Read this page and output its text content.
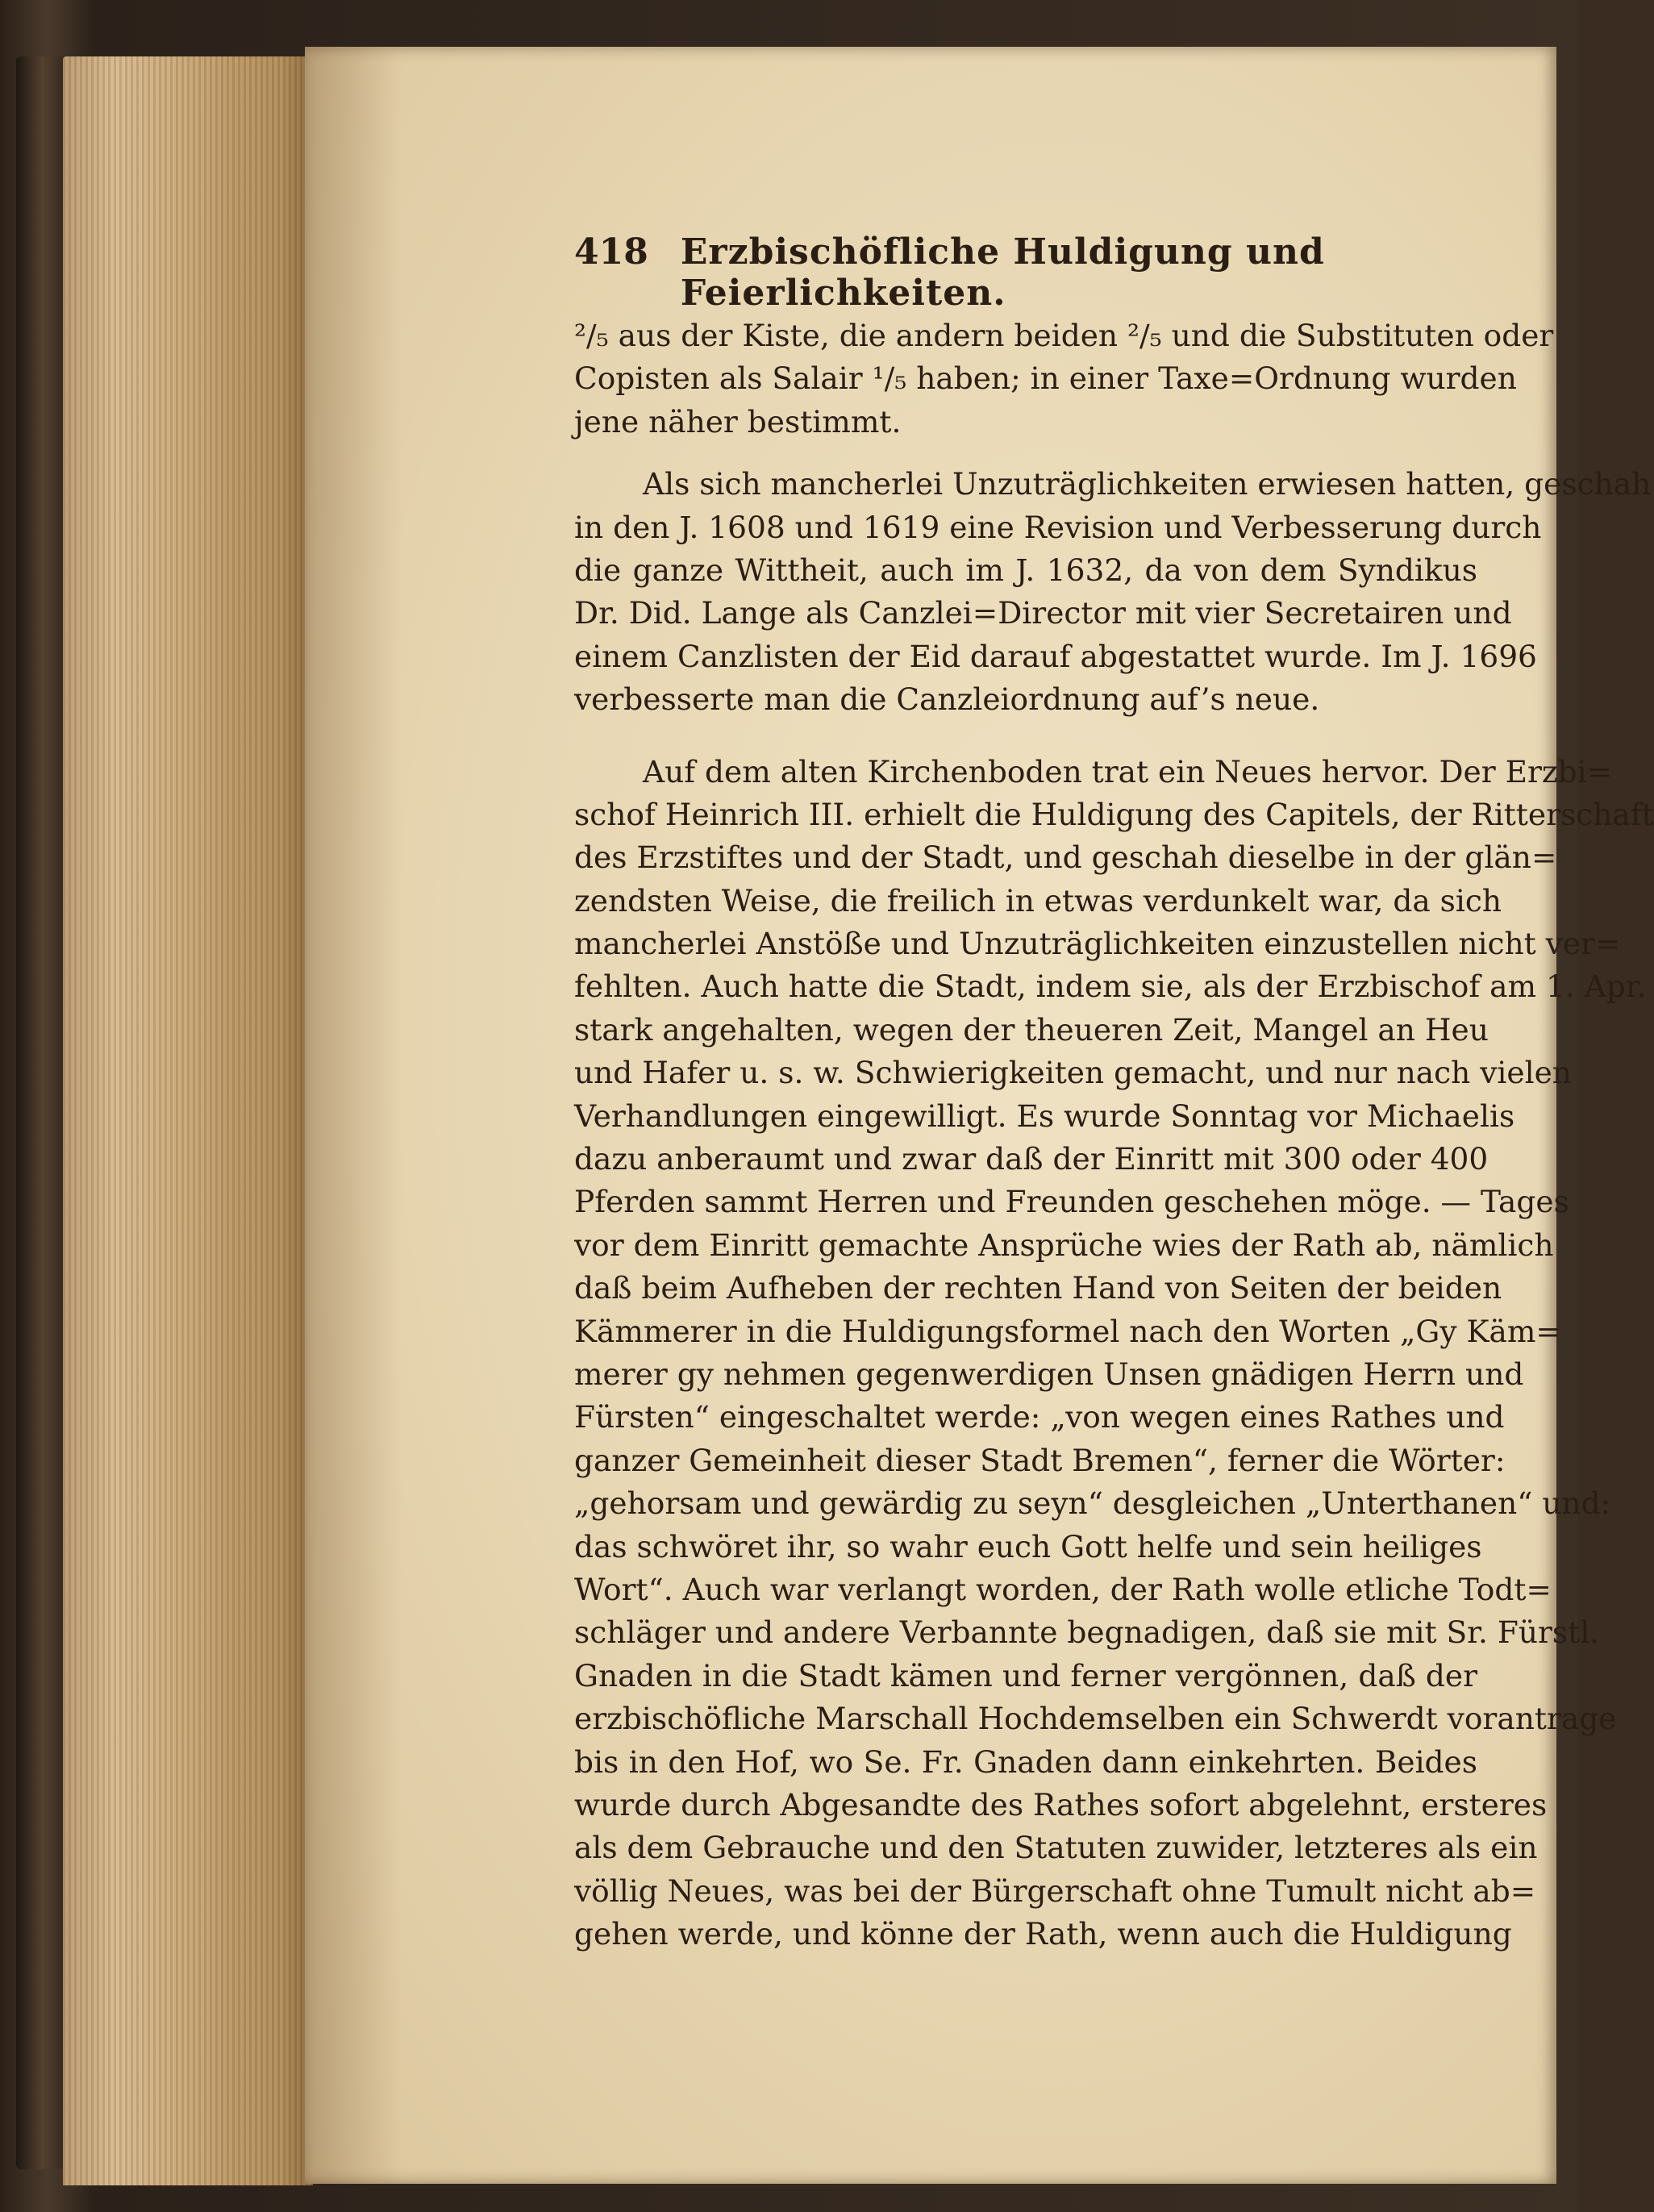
418 Erzbischöfliche Huldigung und Feierlichkeiten.
²/₅ aus der Kiste, die andern beiden ²/₅ und die Substituten oder
Copisten als Salair ¹/₅ haben; in einer Taxe=Ordnung wurden
jene näher bestimmt.
Als sich mancherlei Unzuträglichkeiten erwiesen hatten, geschah
in den J. 1608 und 1619 eine Revision und Verbesserung durch
die ganze Wittheit, auch im J. 1632, da von dem Syndikus
Dr. Did. Lange als Canzlei=Director mit vier Secretairen und
einem Canzlisten der Eid darauf abgestattet wurde. Im J. 1696
verbesserte man die Canzleiordnung auf’s neue.
Auf dem alten Kirchenboden trat ein Neues hervor. Der Erzbi=
schof Heinrich III. erhielt die Huldigung des Capitels, der Ritterschaft
des Erzstiftes und der Stadt, und geschah dieselbe in der glän=
zendsten Weise, die freilich in etwas verdunkelt war, da sich
mancherlei Anstöße und Unzuträglichkeiten einzustellen nicht ver=
fehlten. Auch hatte die Stadt, indem sie, als der Erzbischof am 1. Apr.
stark angehalten, wegen der theueren Zeit, Mangel an Heu
und Hafer u. s. w. Schwierigkeiten gemacht, und nur nach vielen
Verhandlungen eingewilligt. Es wurde Sonntag vor Michaelis
dazu anberaumt und zwar daß der Einritt mit 300 oder 400
Pferden sammt Herren und Freunden geschehen möge. — Tages
vor dem Einritt gemachte Ansprüche wies der Rath ab, nämlich
daß beim Aufheben der rechten Hand von Seiten der beiden
Kämmerer in die Huldigungsformel nach den Worten „Gy Käm=
merer gy nehmen gegenwerdigen Unsen gnädigen Herrn und
Fürsten“ eingeschaltet werde: „von wegen eines Rathes und
ganzer Gemeinheit dieser Stadt Bremen“, ferner die Wörter:
„gehorsam und gewärdig zu seyn“ desgleichen „Unterthanen“ und:
das schwöret ihr, so wahr euch Gott helfe und sein heiliges
Wort“. Auch war verlangt worden, der Rath wolle etliche Todt=
schläger und andere Verbannte begnadigen, daß sie mit Sr. Fürstl.
Gnaden in die Stadt kämen und ferner vergönnen, daß der
erzbischöfliche Marschall Hochdemselben ein Schwerdt vorantrage
bis in den Hof, wo Se. Fr. Gnaden dann einkehrten. Beides
wurde durch Abgesandte des Rathes sofort abgelehnt, ersteres
als dem Gebrauche und den Statuten zuwider, letzteres als ein
völlig Neues, was bei der Bürgerschaft ohne Tumult nicht ab=
gehen werde, und könne der Rath, wenn auch die Huldigung
